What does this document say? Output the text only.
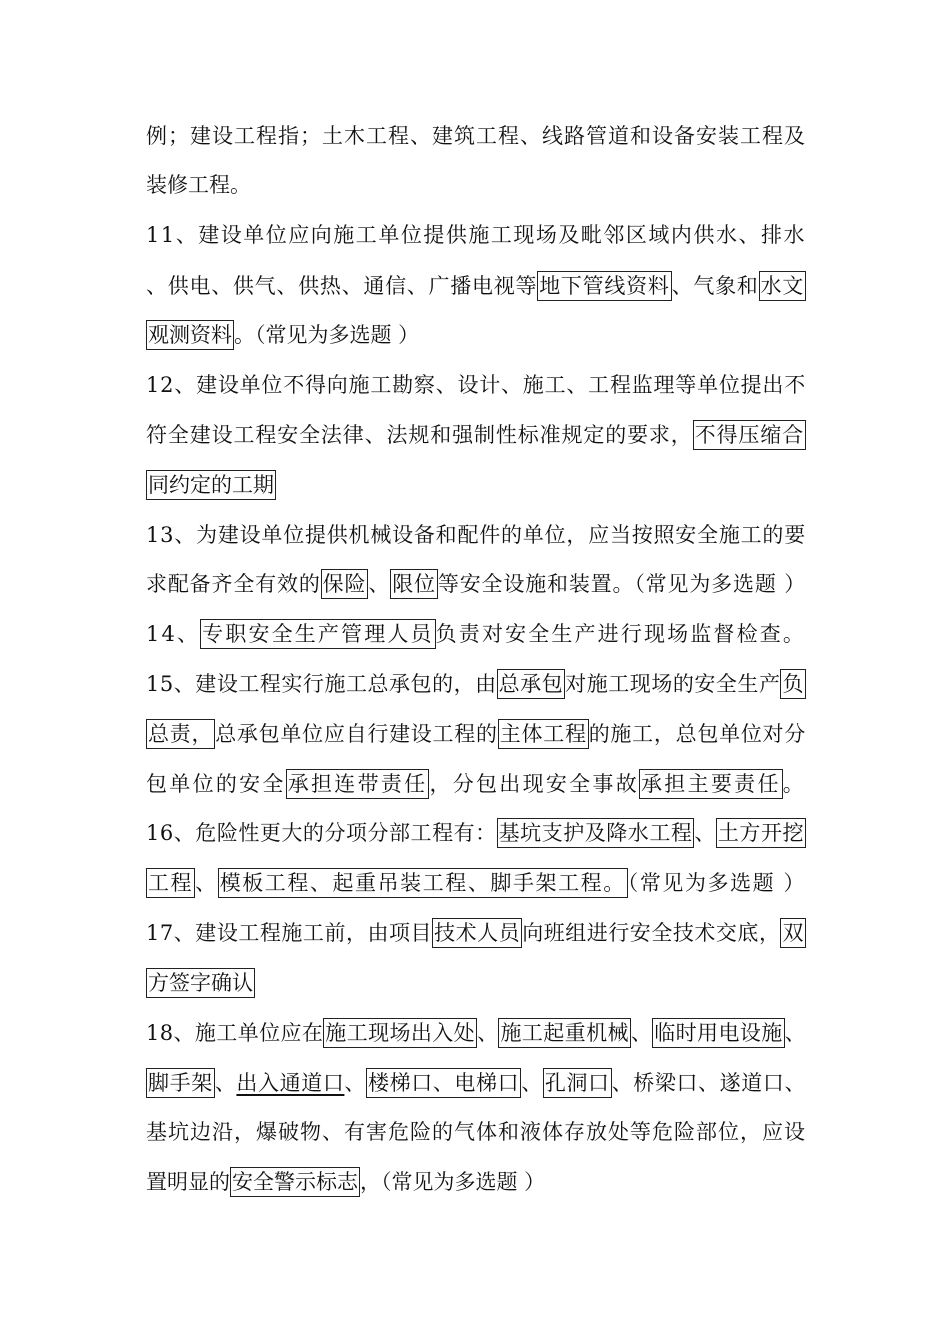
例；建设工程指；土木工程、建筑工程、线路管道和设备安装工程及
装修工程。
11、建设单位应向施工单位提供施工现场及毗邻区域内供水、排水
、供电、供气、供热、通信、广播电视等地下管线资料、气象和水文
观测资料。（常见为多选题 ）
12、建设单位不得向施工勘察、设计、施工、工程监理等单位提出不
符全建设工程安全法律、法规和强制性标准规定的要求，不得压缩合
同约定的工期
13、为建设单位提供机械设备和配件的单位，应当按照安全施工的要
求配备齐全有效的保险、限位等安全设施和装置。（常见为多选题 ）
14、专职安全生产管理人员负责对安全生产进行现场监督检查。
15、建设工程实行施工总承包的，由总承包对施工现场的安全生产负
总责，总承包单位应自行建设工程的主体工程的施工，总包单位对分
包单位的安全承担连带责任，分包出现安全事故承担主要责任。
16、危险性更大的分项分部工程有：基坑支护及降水工程、土方开挖
工程、模板工程、起重吊装工程、脚手架工程。（常见为多选题 ）
17、建设工程施工前，由项目技术人员向班组进行安全技术交底，双
方签字确认
18、施工单位应在施工现场出入处、施工起重机械、临时用电设施、
脚手架、出入通道口、楼梯口、电梯口、孔洞口、桥梁口、遂道口、
基坑边沿，爆破物、有害危险的气体和液体存放处等危险部位，应设
置明显的安全警示标志，（常见为多选题 ）
